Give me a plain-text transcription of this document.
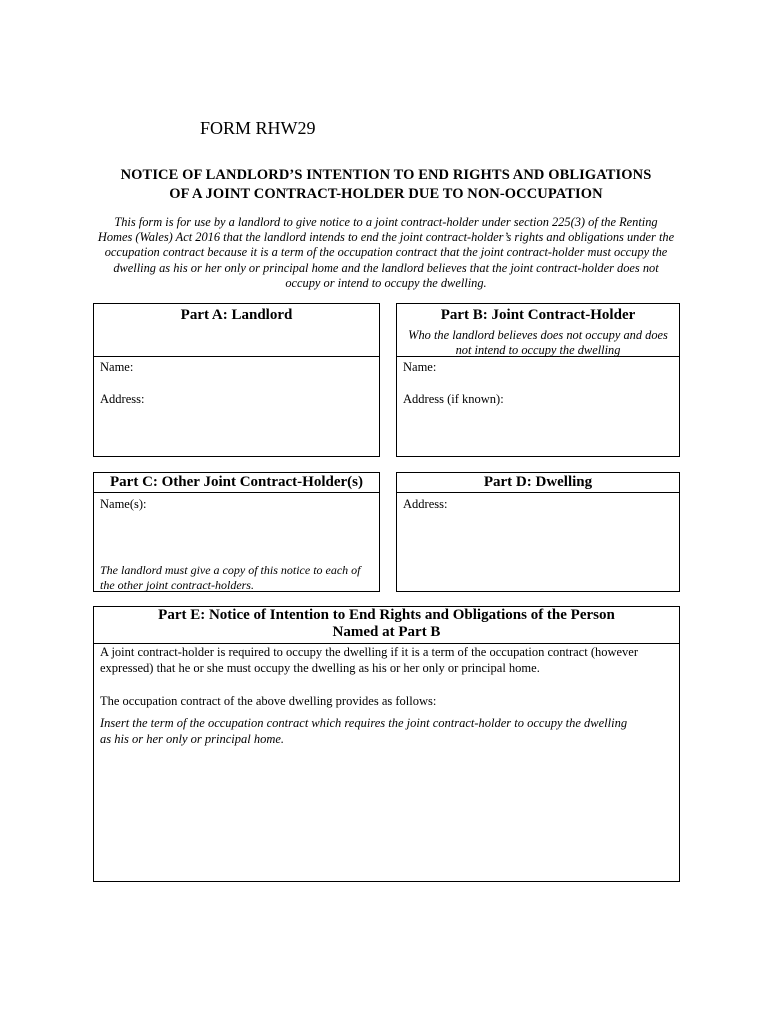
FORM RHW29
NOTICE OF LANDLORD’S INTENTION TO END RIGHTS AND OBLIGATIONS
OF A JOINT CONTRACT-HOLDER DUE TO NON-OCCUPATION
This form is for use by a landlord to give notice to a joint contract-holder under section 225(3) of the Renting Homes (Wales) Act 2016 that the landlord intends to end the joint contract-holder’s rights and obligations under the occupation contract because it is a term of the occupation contract that the joint contract-holder must occupy the dwelling as his or her only or principal home and the landlord believes that the joint contract-holder does not occupy or intend to occupy the dwelling.
Part A: Landlord
Name:
Address:
Part B: Joint Contract-Holder
Who the landlord believes does not occupy and does not intend to occupy the dwelling
Name:
Address (if known):
Part C: Other Joint Contract-Holder(s)
Name(s):
The landlord must give a copy of this notice to each of the other joint contract-holders.
Part D: Dwelling
Address:
Part E: Notice of Intention to End Rights and Obligations of the Person Named at Part B
A joint contract-holder is required to occupy the dwelling if it is a term of the occupation contract (however expressed) that he or she must occupy the dwelling as his or her only or principal home.
The occupation contract of the above dwelling provides as follows:
Insert the term of the occupation contract which requires the joint contract-holder to occupy the dwelling as his or her only or principal home.
